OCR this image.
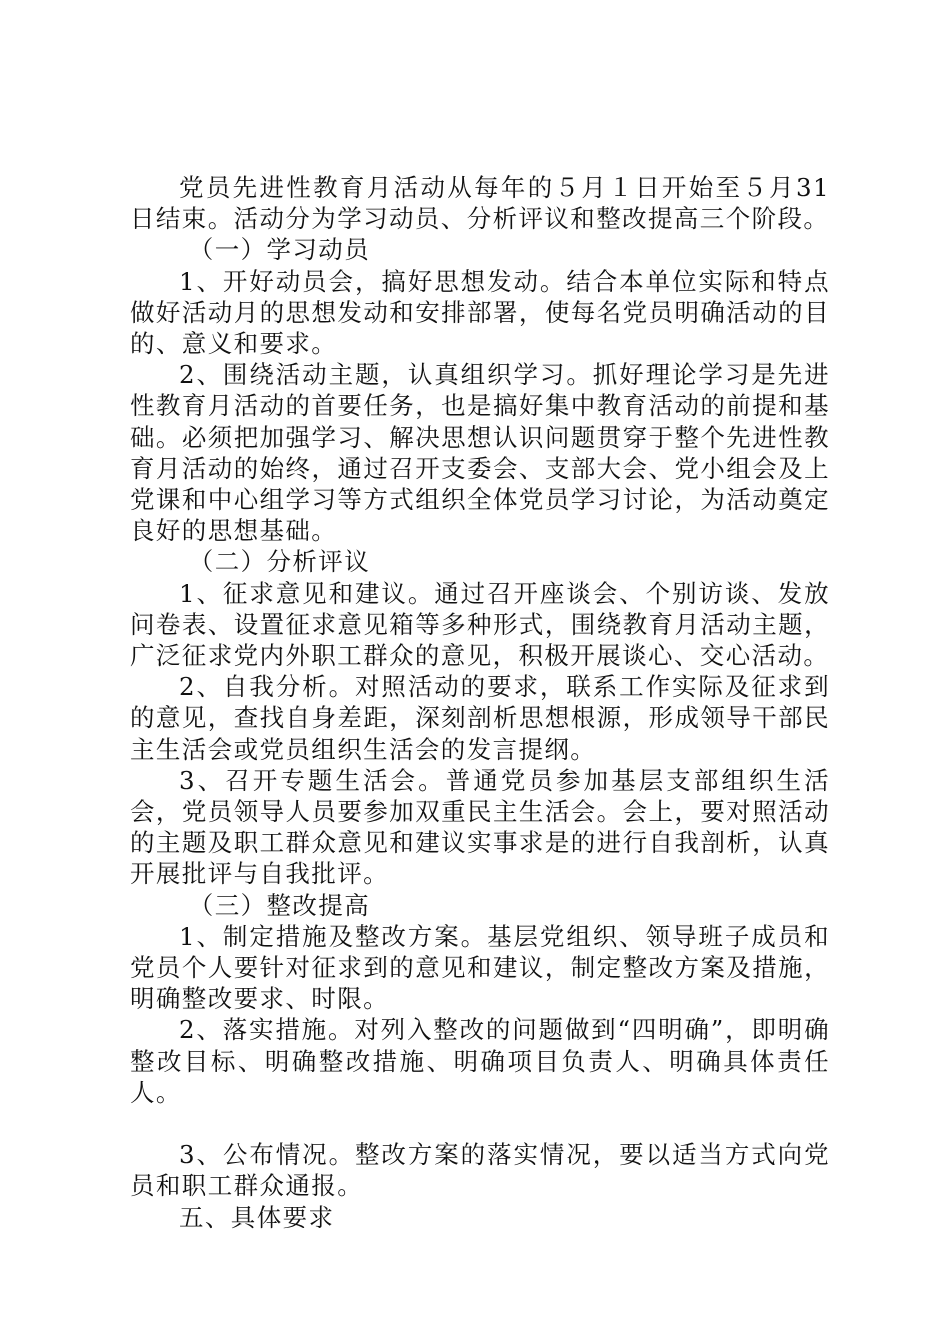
党员先进性教育月活动从每年的５月１日开始至５月31日结束。活动分为学习动员、分析评议和整改提高三个阶段。

（一）学习动员

1、开好动员会，搞好思想发动。结合本单位实际和特点做好活动月的思想发动和安排部署，使每名党员明确活动的目的、意义和要求。

2、围绕活动主题，认真组织学习。抓好理论学习是先进性教育月活动的首要任务，也是搞好集中教育活动的前提和基础。必须把加强学习、解决思想认识问题贯穿于整个先进性教育月活动的始终，通过召开支委会、支部大会、党小组会及上党课和中心组学习等方式组织全体党员学习讨论，为活动奠定良好的思想基础。

（二）分析评议

1、征求意见和建议。通过召开座谈会、个别访谈、发放问卷表、设置征求意见箱等多种形式，围绕教育月活动主题，广泛征求党内外职工群众的意见，积极开展谈心、交心活动。

2、自我分析。对照活动的要求，联系工作实际及征求到的意见，查找自身差距，深刻剖析思想根源，形成领导干部民主生活会或党员组织生活会的发言提纲。

3、召开专题生活会。普通党员参加基层支部组织生活会，党员领导人员要参加双重民主生活会。会上，要对照活动的主题及职工群众意见和建议实事求是的进行自我剖析，认真开展批评与自我批评。

（三）整改提高

1、制定措施及整改方案。基层党组织、领导班子成员和党员个人要针对征求到的意见和建议，制定整改方案及措施，明确整改要求、时限。

2、落实措施。对列入整改的问题做到“四明确”，即明确整改目标、明确整改措施、明确项目负责人、明确具体责任人。

3、公布情况。整改方案的落实情况，要以适当方式向党员和职工群众通报。

五、具体要求
